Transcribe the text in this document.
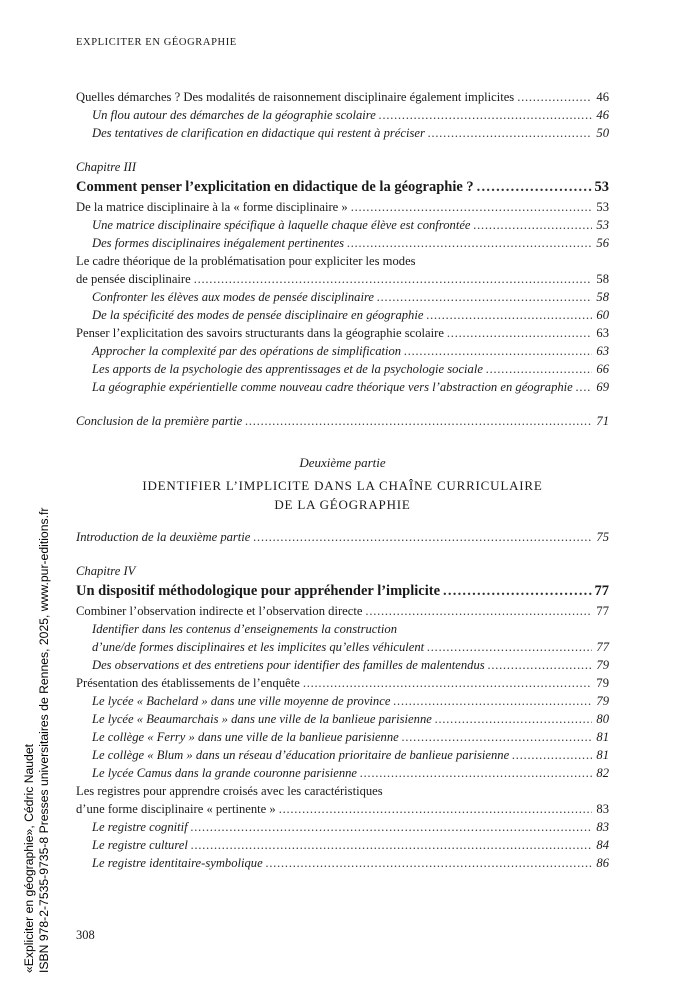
EXPLICITER EN GÉOGRAPHIE
Quelles démarches ? Des modalités de raisonnement disciplinaire également implicites . . .	46
Un flou autour des démarches de la géographie scolaire . . .	46
Des tentatives de clarification en didactique qui restent à préciser . . .	50
Chapitre III
Comment penser l’explicitation en didactique de la géographie ? . . .	53
De la matrice disciplinaire à la « forme disciplinaire » . . .	53
Une matrice disciplinaire spécifique à laquelle chaque élève est confrontée . . .	53
Des formes disciplinaires inégalement pertinentes . . .	56
Le cadre théorique de la problématisation pour expliciter les modes
de pensée disciplinaire . . .	58
Confronter les élèves aux modes de pensée disciplinaire . . .	58
De la spécificité des modes de pensée disciplinaire en géographie . . .	60
Penser l’explicitation des savoirs structurants dans la géographie scolaire . . .	63
Approcher la complexité par des opérations de simplification . . .	63
Les apports de la psychologie des apprentissages et de la psychologie sociale . . .	66
La géographie expérientielle comme nouveau cadre théorique vers l’abstraction en géographie . . . 69
Conclusion de la première partie . . .	71
Deuxième partie
IDENTIFIER L’IMPLICITE DANS LA CHAÎNE CURRICULAIRE
DE LA GÉOGRAPHIE
Introduction de la deuxième partie . . .	75
Chapitre IV
Un dispositif méthodologique pour appréhender l’implicite . . .	77
Combiner l’observation indirecte et l’observation directe . . .	77
Identifier dans les contenus d’enseignements la construction
d’une/de formes disciplinaires et les implicites qu’elles véhiculent . . .	77
Des observations et des entretiens pour identifier des familles de malentendus . . .	79
Présentation des établissements de l’enquête . . .	79
Le lycée « Bachelard » dans une ville moyenne de province . . .	79
Le lycée « Beaumarchais » dans une ville de la banlieue parisienne . . .	80
Le collège « Ferry » dans une ville de la banlieue parisienne . . .	81
Le collège « Blum » dans un réseau d’éducation prioritaire de banlieue parisienne . . .	81
Le lycée Camus dans la grande couronne parisienne . . .	82
Les registres pour apprendre croisés avec les caractéristiques
d’une forme disciplinaire « pertinente » . . .	83
Le registre cognitif . . .	83
Le registre culturel . . .	84
Le registre identitaire-symbolique . . .	86
308
«Expliciter en géographie», Cédric Naudet ISBN 978-2-7535-9735-8 Presses universitaires de Rennes, 2025, www.pur-editions.fr
